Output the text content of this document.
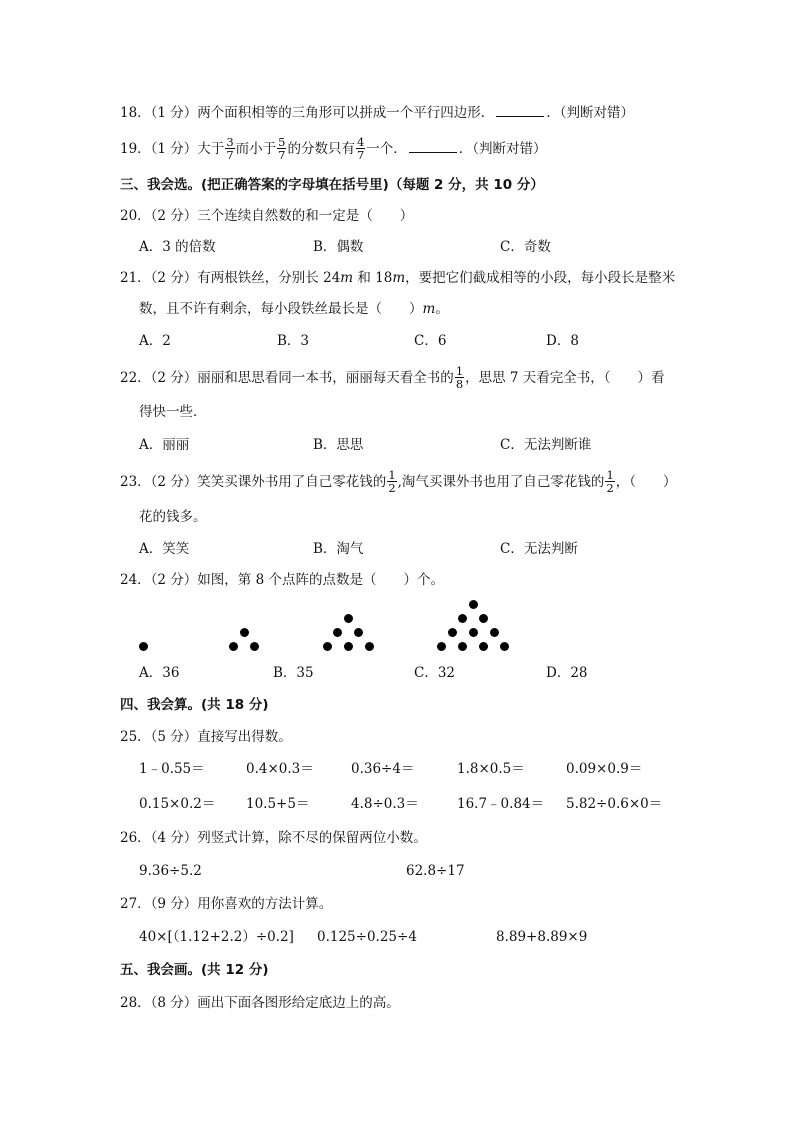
18．（1 分）两个面积相等的三角形可以拼成一个平行四边形．	．（判断对错）
19．（1 分）大于 $\frac{3}{7}$ 而小于 $\frac{5}{7}$ 的分数只有 $\frac{4}{7}$ 一个．	．（判断对错）
三、我会选。(把正确答案的字母填在括号里)（每题 2 分，共 10 分）
20．（2 分）三个连续自然数的和一定是（　　）
A．3 的倍数	B．偶数	C．奇数
21．（2 分）有两根铁丝，分别长 24m 和 18m，要把它们截成相等的小段，每小段长是整米
数，且不许有剩余，每小段铁丝最长是（　　）m。
A．2	B．3	C．6	D．8
22．（2 分）丽丽和思思看同一本书，丽丽每天看全书的 $\frac{1}{8}$ ，思思 7 天看完全书，（　　）看
得快一些．
A．丽丽	B．思思	C．无法判断谁
23．（2 分）笑笑买课外书用了自己零花钱的 $\frac{1}{2}$ ,淘气买课外书也用了自己零花钱的 $\frac{1}{2}$ ，（　　）
花的钱多。
A．笑笑	B．淘气	C．无法判断
24．（2 分）如图，第 8 个点阵的点数是（　　）个。
A．36	B．35	C．32	D．28
四、我会算。(共 18 分)
25．（5 分）直接写出得数。
1﹣0.55＝	0.4×0.3＝	0.36÷4＝	1.8×0.5＝	0.09×0.9＝
0.15×0.2＝ 10.5+5＝	4.8÷0.3＝	16.7﹣0.84＝ 5.82÷0.6×0＝
26．（4 分）列竖式计算，除不尽的保留两位小数。
9.36÷5.2	62.8÷17
27．（9 分）用你喜欢的方法计算。
40×[（1.12+2.2）÷0.2] 0.125÷0.25÷4	8.89+8.89×9
五、我会画。(共 12 分)
28．（8 分）画出下面各图形给定底边上的高。
